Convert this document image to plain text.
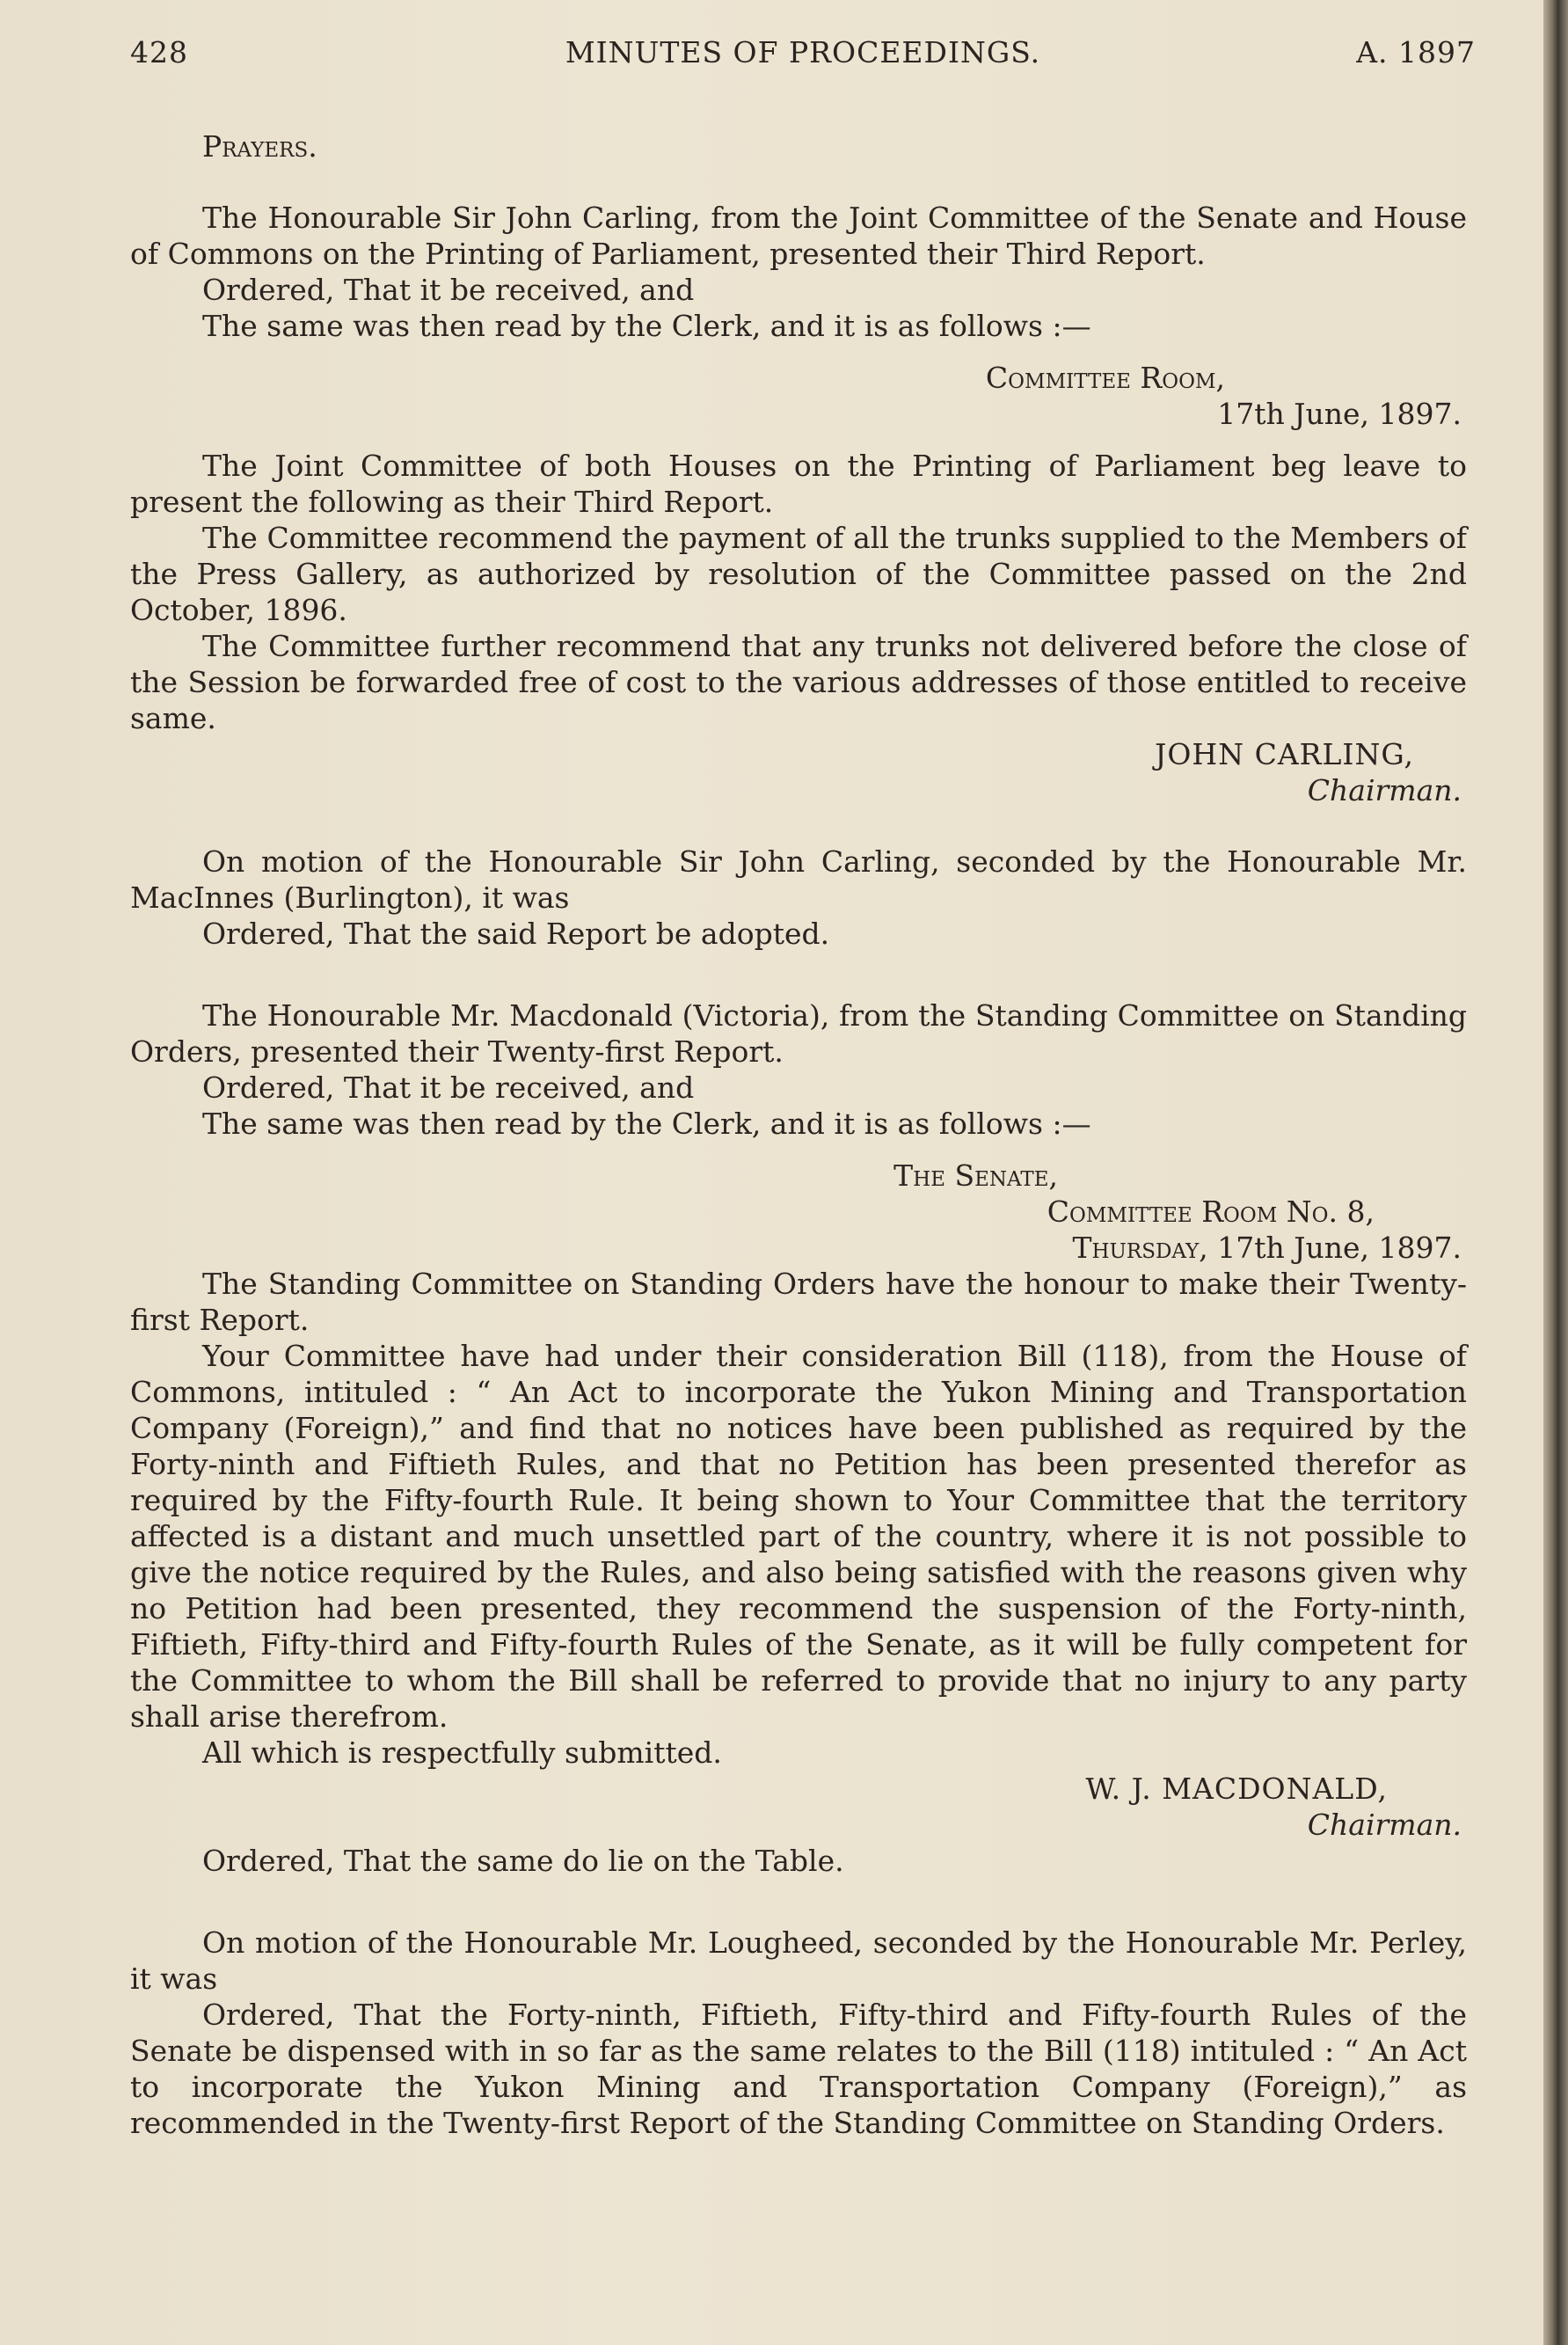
428	MINUTES OF PROCEEDINGS.	A. 1897

Prayers.

The Honourable Sir John Carling, from the Joint Committee of the Senate and House of Commons on the Printing of Parliament, presented their Third Report.

Ordered, That it be received, and

The same was then read by the Clerk, and it is as follows :—

Committee Room,

17th June, 1897.

The Joint Committee of both Houses on the Printing of Parliament beg leave to present the following as their Third Report.

The Committee recommend the payment of all the trunks supplied to the Members of the Press Gallery, as authorized by resolution of the Committee passed on the 2nd October, 1896.

The Committee further recommend that any trunks not delivered before the close of the Session be forwarded free of cost to the various addresses of those entitled to receive same.

JOHN CARLING,

Chairman.

On motion of the Honourable Sir John Carling, seconded by the Honourable Mr. MacInnes (Burlington), it was

Ordered, That the said Report be adopted.

The Honourable Mr. Macdonald (Victoria), from the Standing Committee on Standing Orders, presented their Twenty-first Report.

Ordered, That it be received, and

The same was then read by the Clerk, and it is as follows :—

The Senate,

Committee Room No. 8,

Thursday, 17th June, 1897.

The Standing Committee on Standing Orders have the honour to make their Twenty-first Report.

Your Committee have had under their consideration Bill (118), from the House of Commons, intituled : “ An Act to incorporate the Yukon Mining and Transportation Company (Foreign),” and find that no notices have been published as required by the Forty-ninth and Fiftieth Rules, and that no Petition has been presented therefor as required by the Fifty-fourth Rule. It being shown to Your Committee that the territory affected is a distant and much unsettled part of the country, where it is not possible to give the notice required by the Rules, and also being satisfied with the reasons given why no Petition had been presented, they recommend the suspension of the Forty-ninth, Fiftieth, Fifty-third and Fifty-fourth Rules of the Senate, as it will be fully competent for the Committee to whom the Bill shall be referred to provide that no injury to any party shall arise therefrom.

All which is respectfully submitted.

W. J. MACDONALD,

Chairman.

Ordered, That the same do lie on the Table.

On motion of the Honourable Mr. Lougheed, seconded by the Honourable Mr. Perley, it was

Ordered, That the Forty-ninth, Fiftieth, Fifty-third and Fifty-fourth Rules of the Senate be dispensed with in so far as the same relates to the Bill (118) intituled : “ An Act to incorporate the Yukon Mining and Transportation Company (Foreign),” as recommended in the Twenty-first Report of the Standing Committee on Standing Orders.
